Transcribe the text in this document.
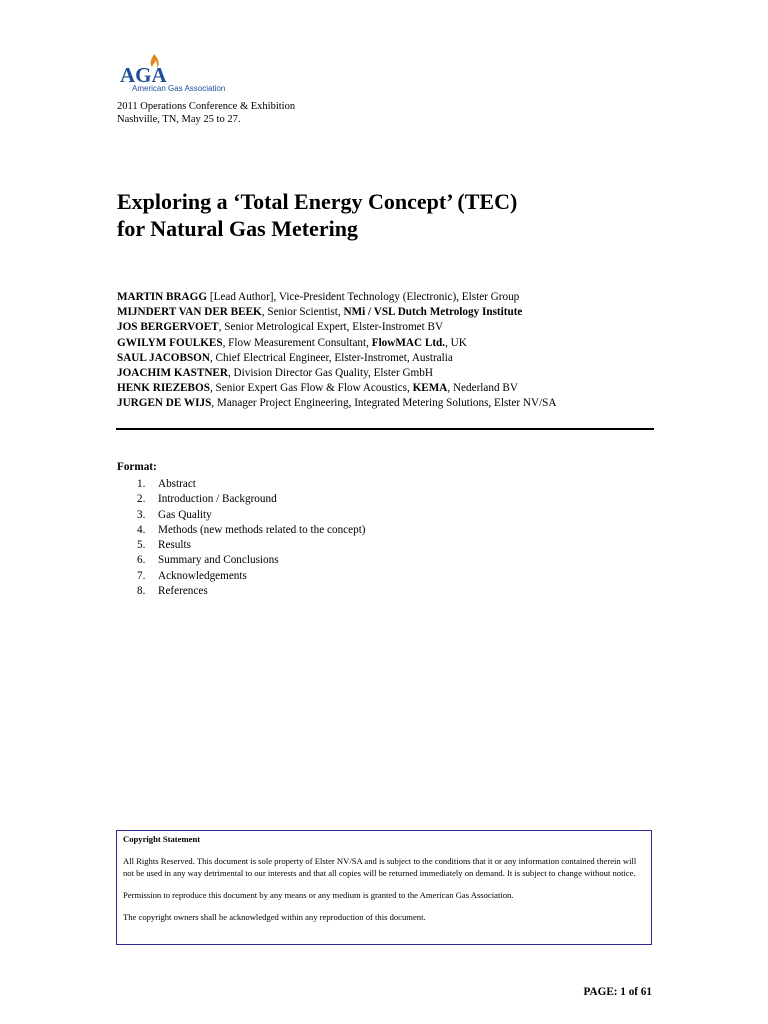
AGA
American Gas Association
2011 Operations Conference & Exhibition
Nashville, TN, May 25 to 27.
Exploring a ‘Total Energy Concept’ (TEC)
for Natural Gas Metering
MARTIN BRAGG [Lead Author], Vice-President Technology (Electronic), Elster Group
MIJNDERT VAN DER BEEK, Senior Scientist, NMi / VSL Dutch Metrology Institute
JOS BERGERVOET, Senior Metrological Expert, Elster-Instromet BV
GWILYM FOULKES, Flow Measurement Consultant, FlowMAC Ltd., UK
SAUL JACOBSON, Chief Electrical Engineer, Elster-Instromet, Australia
JOACHIM KASTNER, Division Director Gas Quality, Elster GmbH
HENK RIEZEBOS, Senior Expert Gas Flow & Flow Acoustics, KEMA, Nederland BV
JURGEN DE WIJS, Manager Project Engineering, Integrated Metering Solutions, Elster NV/SA
Format:
1. Abstract
2. Introduction / Background
3. Gas Quality
4. Methods (new methods related to the concept)
5. Results
6. Summary and Conclusions
7. Acknowledgements
8. References
Copyright Statement

All Rights Reserved. This document is sole property of Elster NV/SA and is subject to the conditions that it or any information contained therein will not be used in any way detrimental to our interests and that all copies will be returned immediately on demand. It is subject to change without notice.

Permission to reproduce this document by any means or any medium is granted to the American Gas Association.

The copyright owners shall be acknowledged within any reproduction of this document.

PAGE: 1 of 61
